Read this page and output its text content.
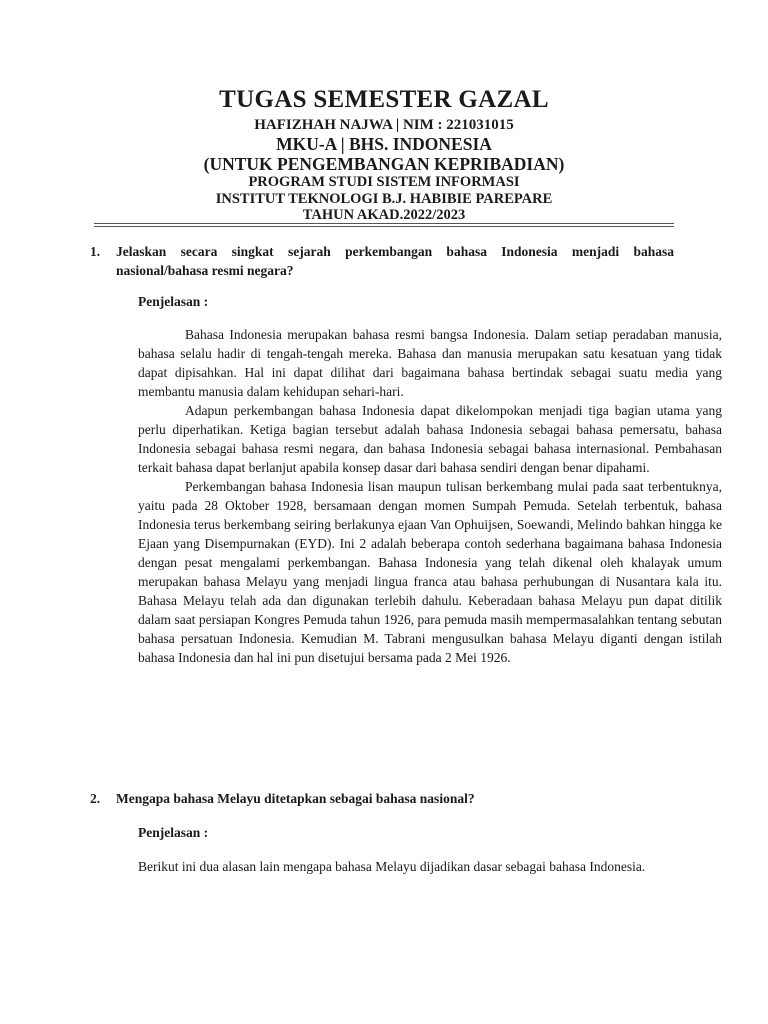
TUGAS SEMESTER GAZAL
HAFIZHAH NAJWA | NIM : 221031015
MKU-A | BHS. INDONESIA
(UNTUK PENGEMBANGAN KEPRIBADIAN)
PROGRAM STUDI SISTEM INFORMASI
INSTITUT TEKNOLOGI B.J. HABIBIE PAREPARE
TAHUN AKAD.2022/2023
1. Jelaskan secara singkat sejarah perkembangan bahasa Indonesia menjadi bahasa nasional/bahasa resmi negara?
Penjelasan :

Bahasa Indonesia merupakan bahasa resmi bangsa Indonesia. Dalam setiap peradaban manusia, bahasa selalu hadir di tengah-tengah mereka. Bahasa dan manusia merupakan satu kesatuan yang tidak dapat dipisahkan. Hal ini dapat dilihat dari bagaimana bahasa bertindak sebagai suatu media yang membantu manusia dalam kehidupan sehari-hari.

Adapun perkembangan bahasa Indonesia dapat dikelompokan menjadi tiga bagian utama yang perlu diperhatikan. Ketiga bagian tersebut adalah bahasa Indonesia sebagai bahasa pemersatu, bahasa Indonesia sebagai bahasa resmi negara, dan bahasa Indonesia sebagai bahasa internasional. Pembahasan terkait bahasa dapat berlanjut apabila konsep dasar dari bahasa sendiri dengan benar dipahami.

Perkembangan bahasa Indonesia lisan maupun tulisan berkembang mulai pada saat terbentuknya, yaitu pada 28 Oktober 1928, bersamaan dengan momen Sumpah Pemuda. Setelah terbentuk, bahasa Indonesia terus berkembang seiring berlakunya ejaan Van Ophuijsen, Soewandi, Melindo bahkan hingga ke Ejaan yang Disempurnakan (EYD). Ini 2 adalah beberapa contoh sederhana bagaimana bahasa Indonesia dengan pesat mengalami perkembangan. Bahasa Indonesia yang telah dikenal oleh khalayak umum merupakan bahasa Melayu yang menjadi lingua franca atau bahasa perhubungan di Nusantara kala itu. Bahasa Melayu telah ada dan digunakan terlebih dahulu. Keberadaan bahasa Melayu pun dapat ditilik dalam saat persiapan Kongres Pemuda tahun 1926, para pemuda masih mempermasalahkan tentang sebutan bahasa persatuan Indonesia. Kemudian M. Tabrani mengusulkan bahasa Melayu diganti dengan istilah bahasa Indonesia dan hal ini pun disetujui bersama pada 2 Mei 1926.

2. Mengapa bahasa Melayu ditetapkan sebagai bahasa nasional?
Penjelasan :

Berikut ini dua alasan lain mengapa bahasa Melayu dijadikan dasar sebagai bahasa Indonesia.
